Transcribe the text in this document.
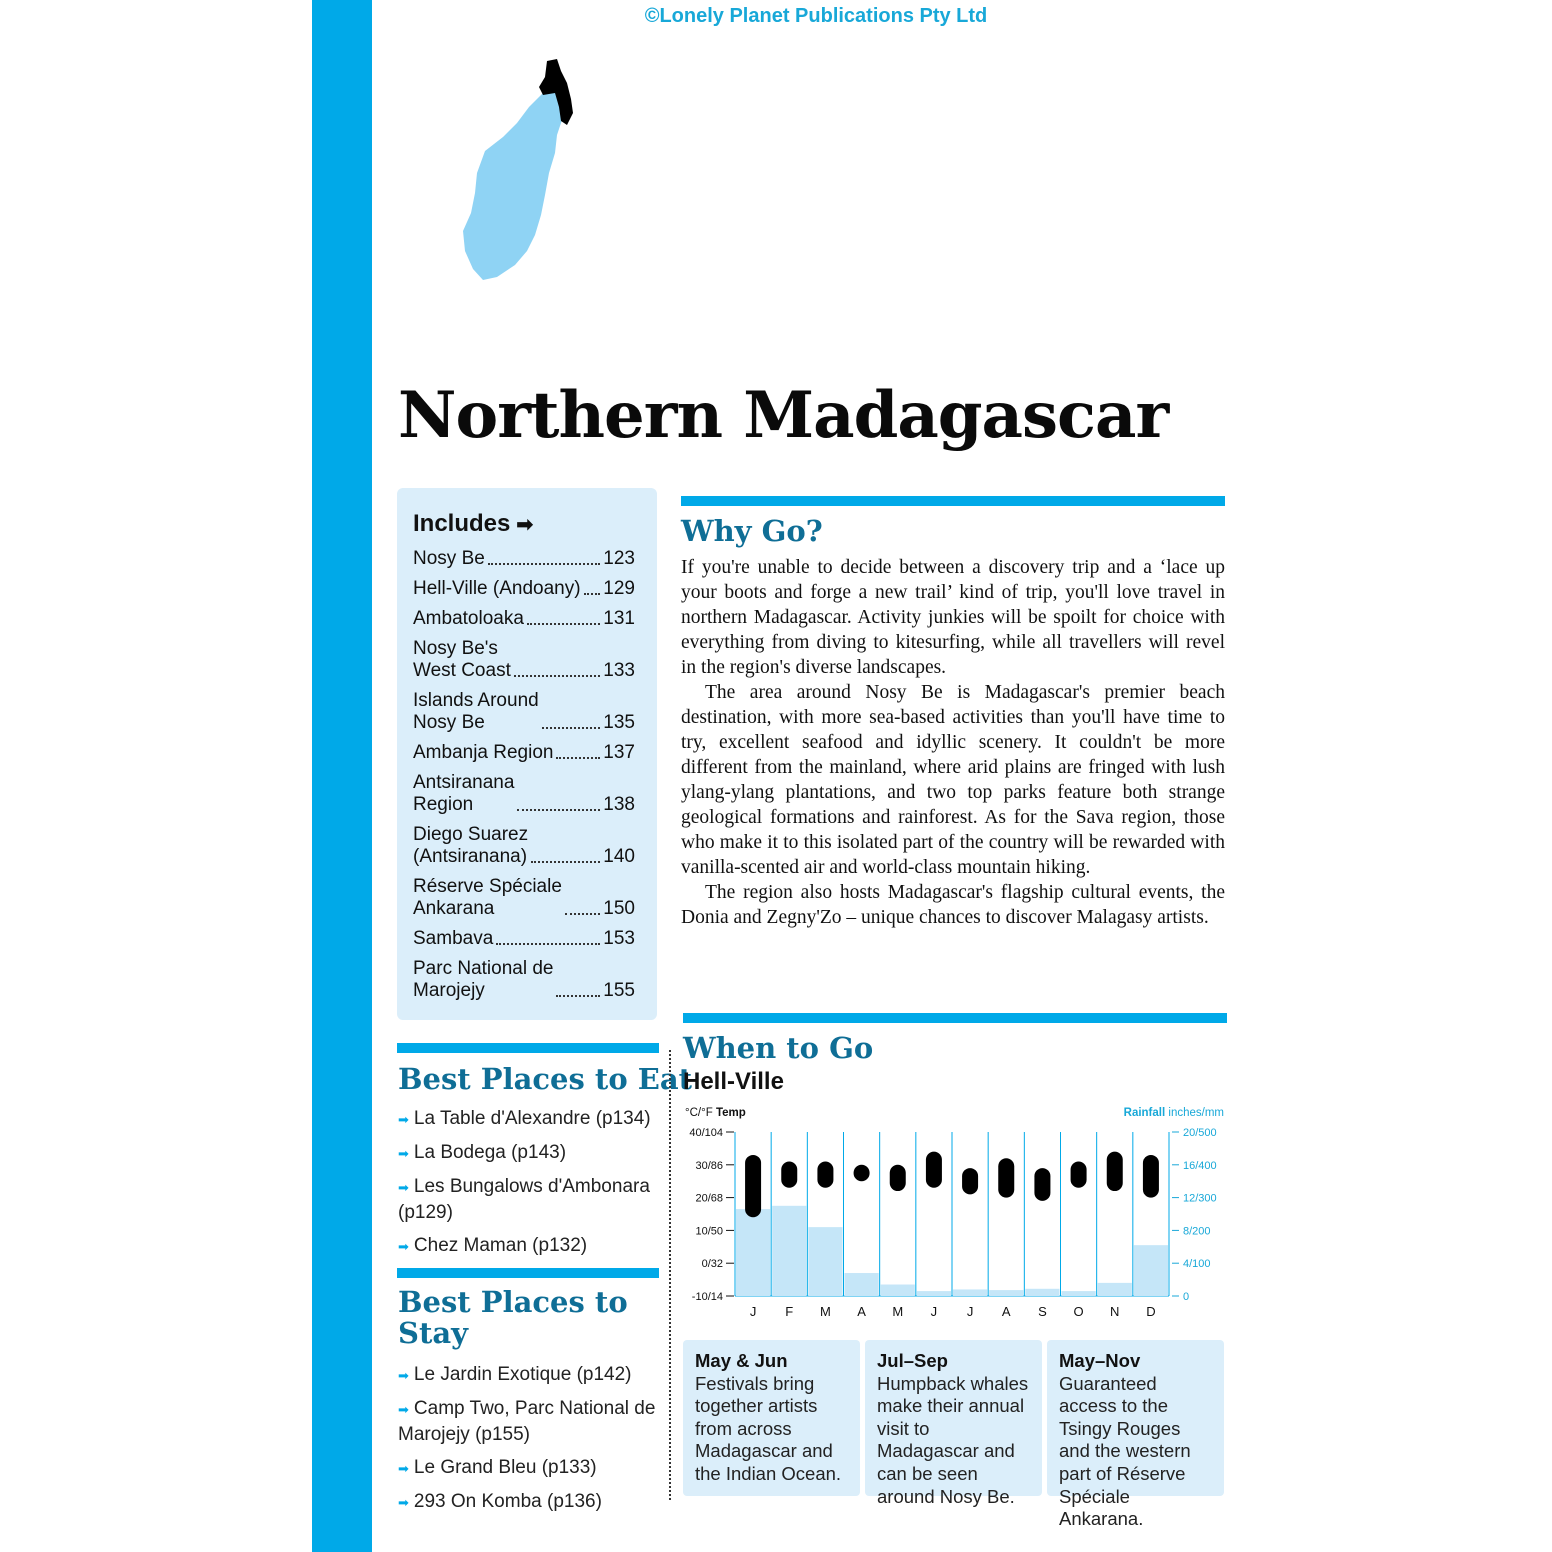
©Lonely Planet Publications Pty Ltd
Northern Madagascar
Includes ➡
Nosy Be	123
Hell-Ville (Andoany) 129
Ambatoloaka	131
Nosy Be's
West Coast	133
Islands Around
Nosy Be	135
Ambanja Region	137
Antsiranana
Region	138
Diego Suarez
(Antsiranana)	140
Réserve Spéciale
Ankarana	150
Sambava	153
Parc National de
Marojejy	155
Best Places to Eat
➡ La Table d'Alexandre (p134)
➡ La Bodega (p143)
➡ Les Bungalows d'Ambonara (p129)
➡ Chez Maman (p132)
Best Places to Stay
➡ Le Jardin Exotique (p142)
➡ Camp Two, Parc National de Marojejy (p155)
➡ Le Grand Bleu (p133)
➡ 293 On Komba (p136)
Why Go?

If you're unable to decide between a discovery trip and a ‘lace up your boots and forge a new trail’ kind of trip, you'll love travel in northern Madagascar. Activity junkies will be spoilt for choice with everything from diving to kitesurfing, while all travellers will revel in the region's diverse landscapes.

The area around Nosy Be is Madagascar's premier beach destination, with more sea-based activities than you'll have time to try, excellent seafood and idyllic scenery. It couldn't be more different from the mainland, where arid plains are fringed with lush ylang-ylang plantations, and two top parks feature both strange geological formations and rainforest. As for the Sava region, those who make it to this isolated part of the country will be rewarded with vanilla-scented air and world-class mountain hiking.

The region also hosts Madagascar's flagship cultural events, the Donia and Zegny'Zo – unique chances to discover Malagasy artists.

When to Go
Hell-Ville
°C/°F Temp	Rainfall inches/mm
40/104
30/86
20/68
10/50
0/32
-10/14
20/500
16/400
12/300
8/200
4/100
0
J F M A M J J A S O N D
May & Jun Festivals bring together artists from across Madagascar and the Indian Ocean.
Jul–Sep Humpback whales make their annual visit to Madagascar and can be seen around Nosy Be.
May–Nov Guaranteed access to the Tsingy Rouges and the western part of Réserve Spéciale Ankarana.
